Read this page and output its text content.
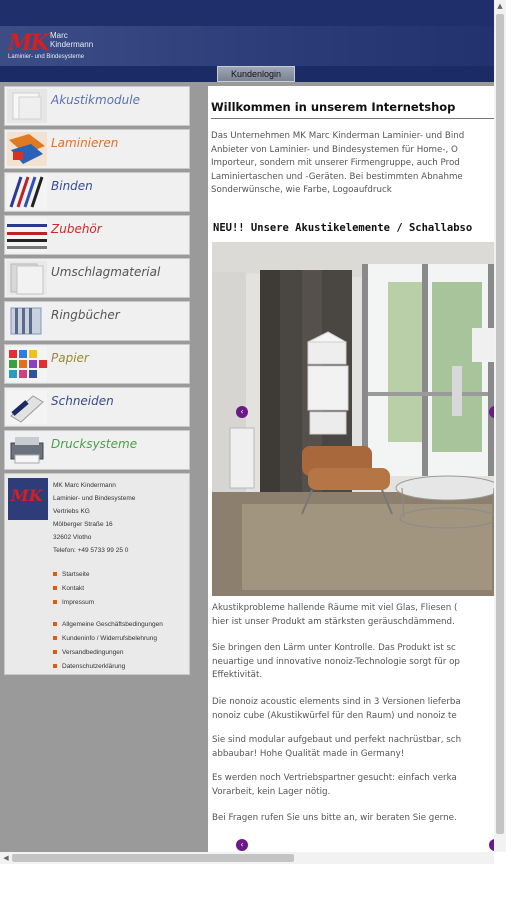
MK Marc
Kindermann
Laminier- und Bindesysteme
Kundenlogin
Akustikmodule
Laminieren
Binden
Zubehör
Umschlagmaterial
Ringbücher
Papier
Schneiden
Drucksysteme
MK
MK Marc Kindermann
Laminier- und Bindesysteme
Vertriebs KG
Mölberger Straße 16
32602 Vlotho
Telefon: +49 5733 99 25 0
Startseite
Kontakt
Impressum
Allgemeine Geschäftsbedingungen
Kundeninfo / Widerrufsbelehrung
Versandbedingungen
Datenschutzerklärung
Willkommen in unserem Internetshop
Das Unternehmen MK Marc Kinderman Laminier- und Bind
Anbieter von Laminier- und Bindesystemen für Home-, O
Importeur, sondern mit unserer Firmengruppe, auch Prod
Laminiertaschen und -Geräten. Bei bestimmten Abnahme
Sonderwünsche, wie Farbe, Logoaufdruck
NEU!! Unsere Akustikelemente / Schallabso
Akustikprobleme hallende Räume mit viel Glas, Fliesen (
hier ist unser Produkt am stärksten geräuschdämmend.
Sie bringen den Lärm unter Kontrolle. Das Produkt ist sc
neuartige und innovative nonoiz-Technologie sorgt für op
Effektivität.
Die nonoiz acoustic elements sind in 3 Versionen lieferba
nonoiz cube (Akustikwürfel für den Raum) und nonoiz te
Sie sind modular aufgebaut und perfekt nachrüstbar, sch
abbaubar! Hohe Qualität made in Germany!
Es werden noch Vertriebspartner gesucht: einfach verka
Vorarbeit, kein Lager nötig.
Bei Fragen rufen Sie uns bitte an, wir beraten Sie gerne.
‹
‹
▲
◀
